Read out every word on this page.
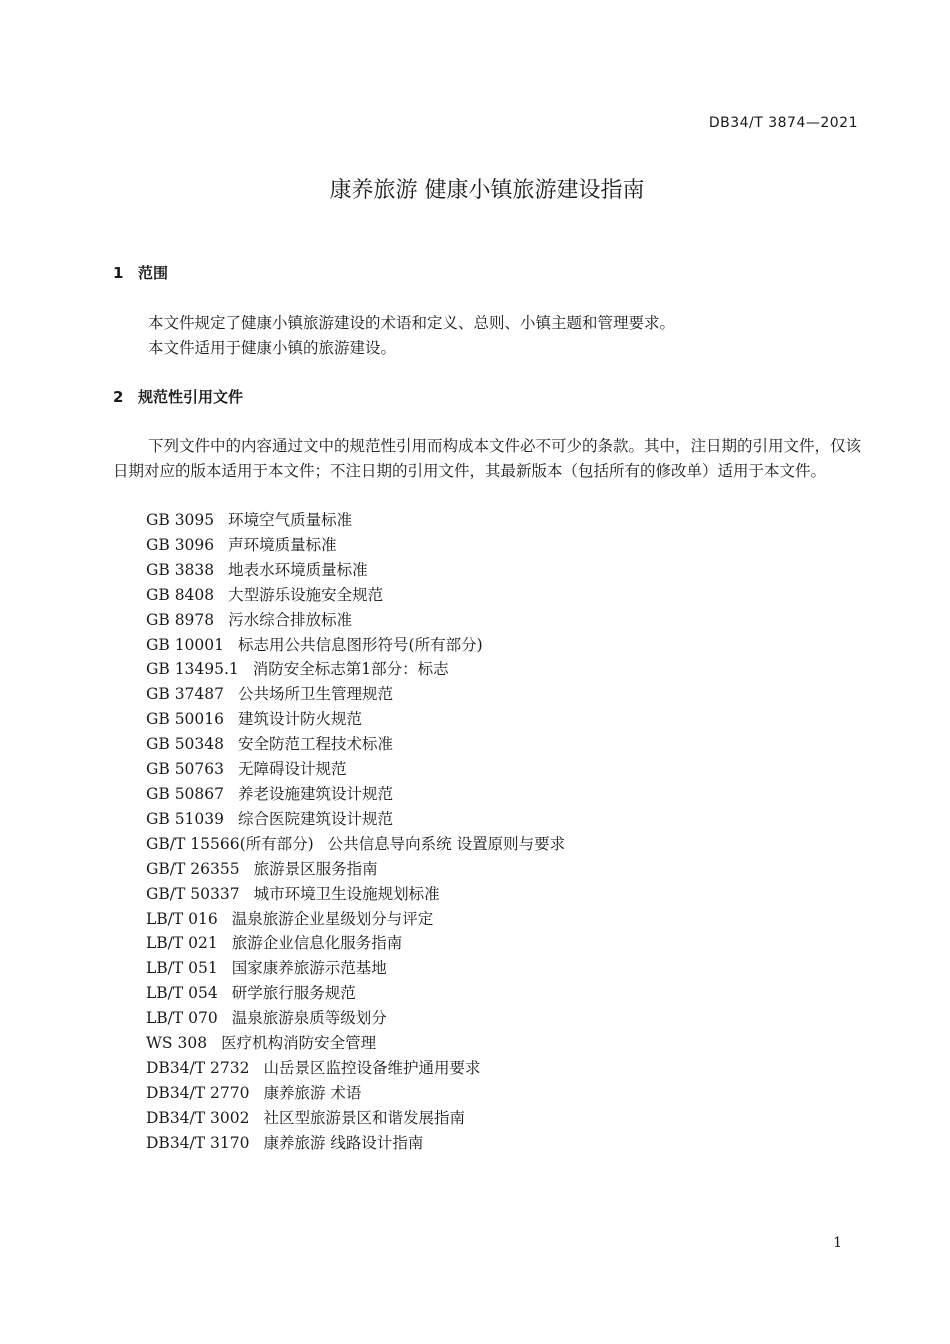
DB34/T 3874—2021
康养旅游 健康小镇旅游建设指南
1 范围

本文件规定了健康小镇旅游建设的术语和定义、总则、小镇主题和管理要求。

本文件适用于健康小镇的旅游建设。

2 规范性引用文件

下列文件中的内容通过文中的规范性引用而构成本文件必不可少的条款。其中，注日期的引用文件，仅该日期对应的版本适用于本文件；不注日期的引用文件，其最新版本（包括所有的修改单）适用于本文件。

GB 3095 环境空气质量标准
GB 3096 声环境质量标准
GB 3838 地表水环境质量标准
GB 8408 大型游乐设施安全规范
GB 8978 污水综合排放标准
GB 10001 标志用公共信息图形符号(所有部分)
GB 13495.1 消防安全标志第1部分：标志
GB 37487 公共场所卫生管理规范
GB 50016 建筑设计防火规范
GB 50348 安全防范工程技术标准
GB 50763 无障碍设计规范
GB 50867 养老设施建筑设计规范
GB 51039 综合医院建筑设计规范
GB/T 15566(所有部分) 公共信息导向系统 设置原则与要求
GB/T 26355 旅游景区服务指南
GB/T 50337 城市环境卫生设施规划标准
LB/T 016 温泉旅游企业星级划分与评定
LB/T 021 旅游企业信息化服务指南
LB/T 051 国家康养旅游示范基地
LB/T 054 研学旅行服务规范
LB/T 070 温泉旅游泉质等级划分
WS 308 医疗机构消防安全管理
DB34/T 2732 山岳景区监控设备维护通用要求
DB34/T 2770 康养旅游 术语
DB34/T 3002 社区型旅游景区和谐发展指南
DB34/T 3170 康养旅游 线路设计指南
1
